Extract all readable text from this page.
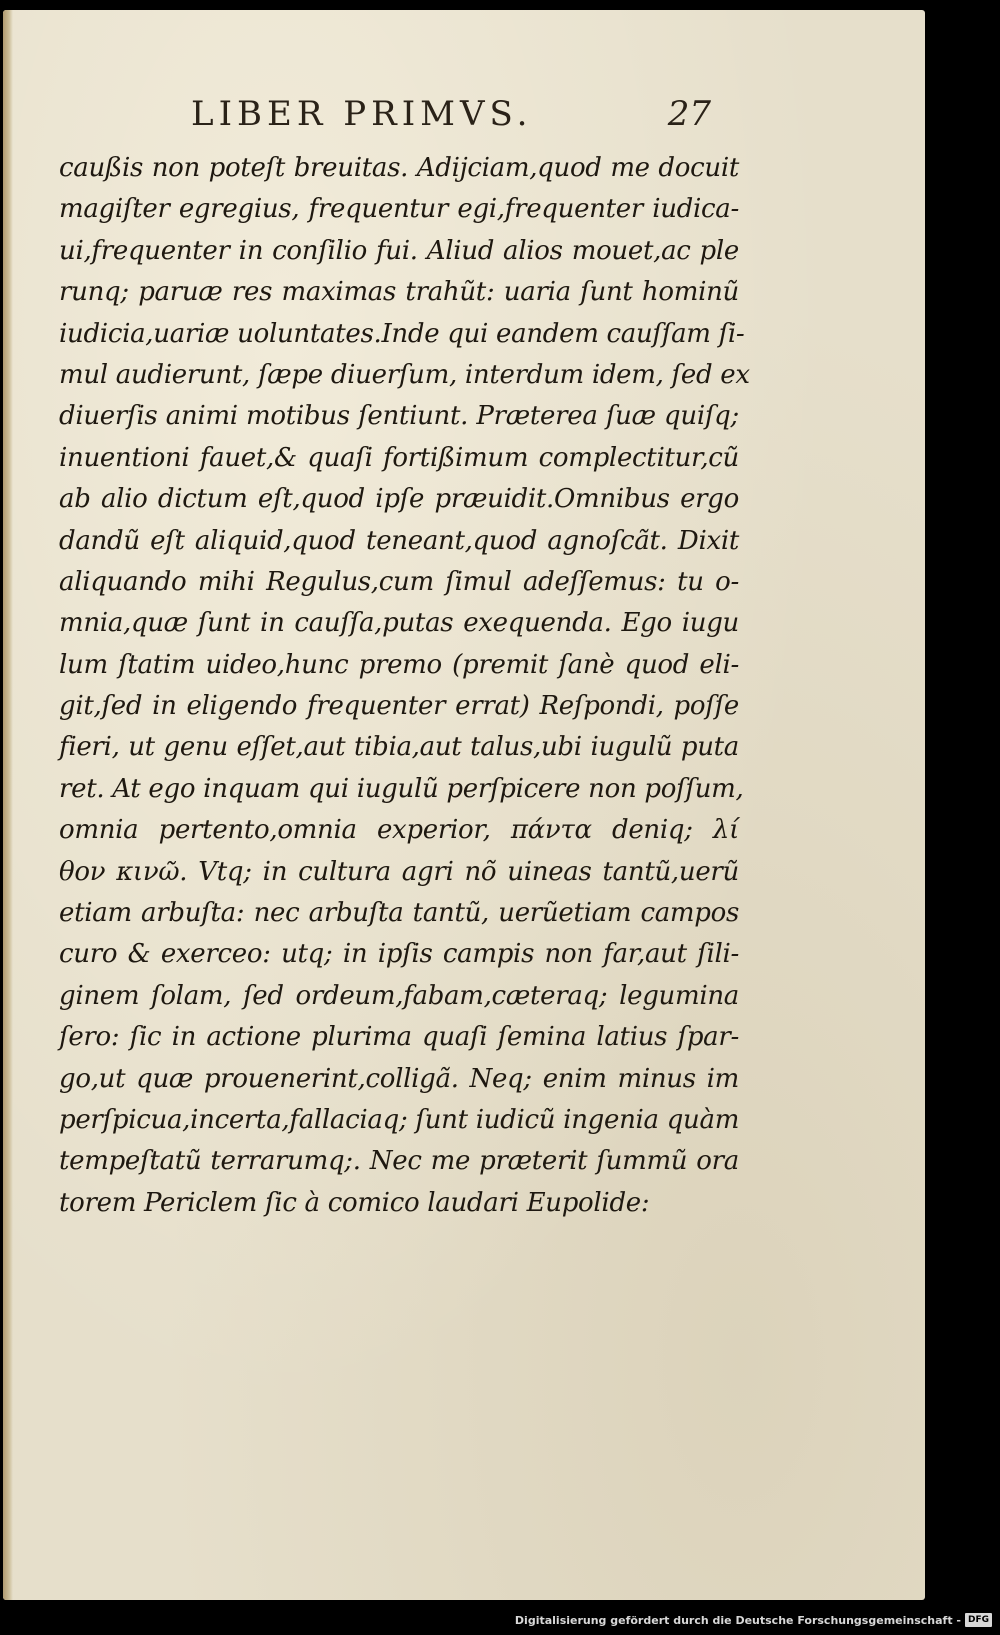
LIBER PRIMVS.	27
caußis non poteſt breuitas. Adijciam,quod me docuit
magiſter egregius, frequentur egi,frequenter iudica-
ui,frequenter in conſilio fui. Aliud alios mouet,ac ple
runq; paruæ res maximas trahũt: uaria ſunt hominũ
iudicia,uariæ uoluntates.Inde qui eandem cauſſam ſi-
mul audierunt, ſæpe diuerſum, interdum idem, ſed ex
diuerſis animi motibus ſentiunt. Præterea ſuæ quiſq;
inuentioni fauet,& quaſi fortißimum complectitur,cũ
ab alio dictum eſt,quod ipſe præuidit.Omnibus ergo
dandũ eſt aliquid,quod teneant,quod agnoſcãt. Dixit
aliquando mihi Regulus,cum ſimul adeſſemus: tu o-
mnia,quæ ſunt in cauſſa,putas exequenda. Ego iugu
lum ſtatim uideo,hunc premo (premit ſanè quod eli-
git,ſed in eligendo frequenter errat) Reſpondi, poſſe
fieri, ut genu eſſet,aut tibia,aut talus,ubi iugulũ puta
ret. At ego inquam qui iugulũ perſpicere non poſſum,
omnia pertento,omnia experior, πάντα deniq; λί
θον κινῶ. Vtq; in cultura agri nõ uineas tantũ,uerũ
etiam arbuſta: nec arbuſta tantũ, uerũetiam campos
curo & exerceo: utq; in ipſis campis non far,aut ſili-
ginem ſolam, ſed ordeum,fabam,cæteraq; legumina
ſero: ſic in actione plurima quaſi ſemina latius ſpar-
go,ut quæ prouenerint,colligã. Neq; enim minus im
perſpicua,incerta,fallaciaq; ſunt iudicũ ingenia quàm
tempeſtatũ terrarumq;. Nec me præterit ſummũ ora
torem Periclem ſic à comico laudari Eupolide:
Digitalisierung gefördert durch die Deutsche Forschungsgemeinschaft - DFG
